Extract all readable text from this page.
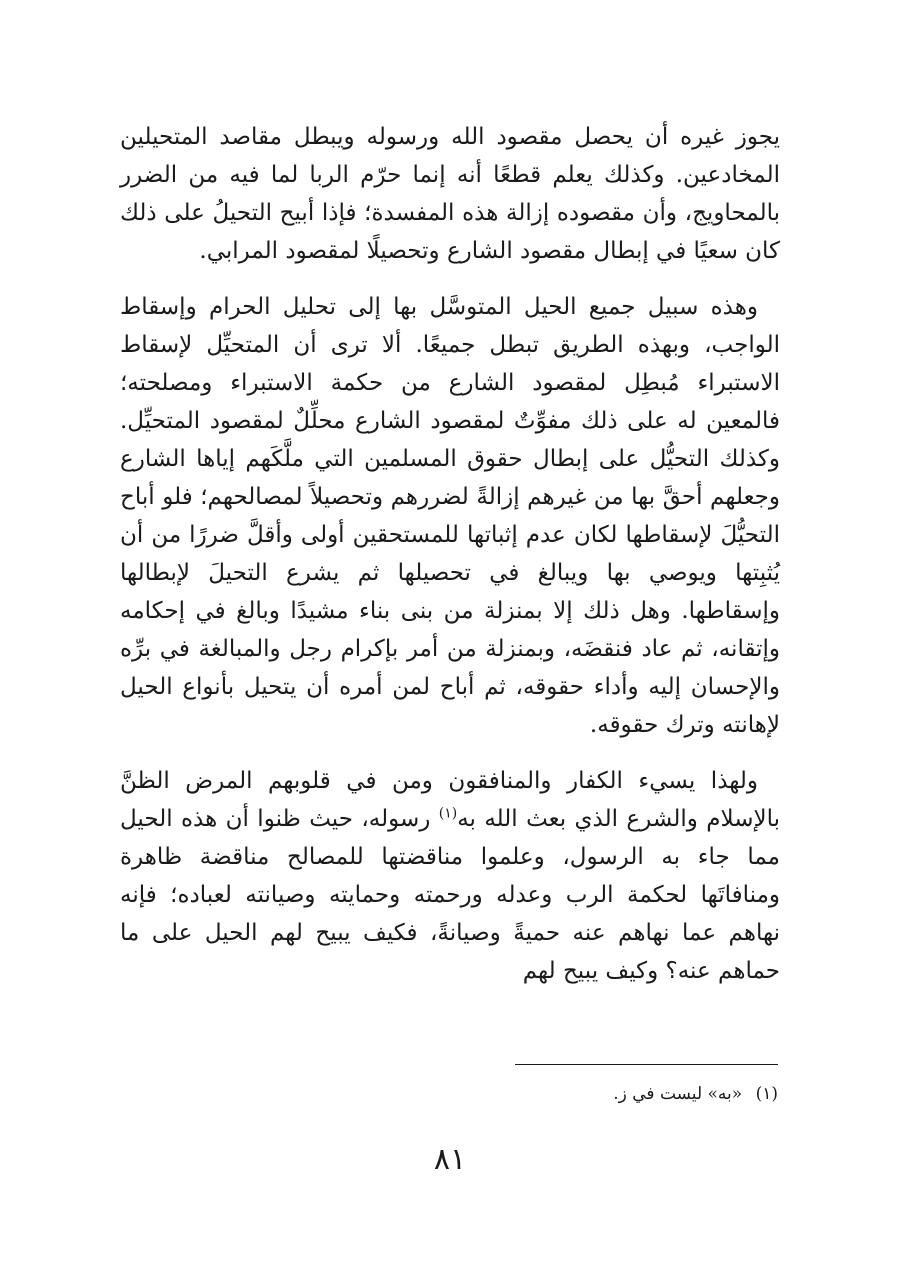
يجوز غيره أن يحصل مقصود الله ورسوله ويبطل مقاصد المتحيلين المخادعين. وكذلك يعلم قطعًا أنه إنما حرّم الربا لما فيه من الضرر بالمحاويج، وأن مقصوده إزالة هذه المفسدة؛ فإذا أبيح التحيلُ على ذلك كان سعيًا في إبطال مقصود الشارع وتحصيلًا لمقصود المرابي.

وهذه سبيل جميع الحيل المتوسَّل بها إلى تحليل الحرام وإسقاط الواجب، وبهذه الطريق تبطل جميعًا. ألا ترى أن المتحيِّل لإسقاط الاستبراء مُبطِل لمقصود الشارع من حكمة الاستبراء ومصلحته؛ فالمعين له على ذلك مفوِّتٌ لمقصود الشارع محلِّلٌ لمقصود المتحيِّل. وكذلك التحيُّل على إبطال حقوق المسلمين التي ملَّكَهم إياها الشارع وجعلهم أحقَّ بها من غيرهم إزالةً لضررهم وتحصيلاً لمصالحهم؛ فلو أباح التحيُّلَ لإسقاطها لكان عدم إثباتها للمستحقين أولى وأقلَّ ضررًا من أن يُثبِتها ويوصي بها ويبالغ في تحصيلها ثم يشرع التحيلَ لإبطالها وإسقاطها. وهل ذلك إلا بمنزلة من بنى بناء مشيدًا وبالغ في إحكامه وإتقانه، ثم عاد فنقضَه، وبمنزلة من أمر بإكرام رجل والمبالغة في برِّه والإحسان إليه وأداء حقوقه، ثم أباح لمن أمره أن يتحيل بأنواع الحيل لإهانته وترك حقوقه.

ولهذا يسيء الكفار والمنافقون ومن في قلوبهم المرض الظنَّ بالإسلام والشرع الذي بعث الله به$^{(١)}$ رسوله، حيث ظنوا أن هذه الحيل مما جاء به الرسول، وعلموا مناقضتها للمصالح مناقضة ظاهرة ومنافاتَها لحكمة الرب وعدله ورحمته وحمايته وصيانته لعباده؛ فإنه نهاهم عما نهاهم عنه حميةً وصيانةً، فكيف يبيح لهم الحيل على ما حماهم عنه؟ وكيف يبيح لهم

(١) «به» ليست في ز.
٨١
